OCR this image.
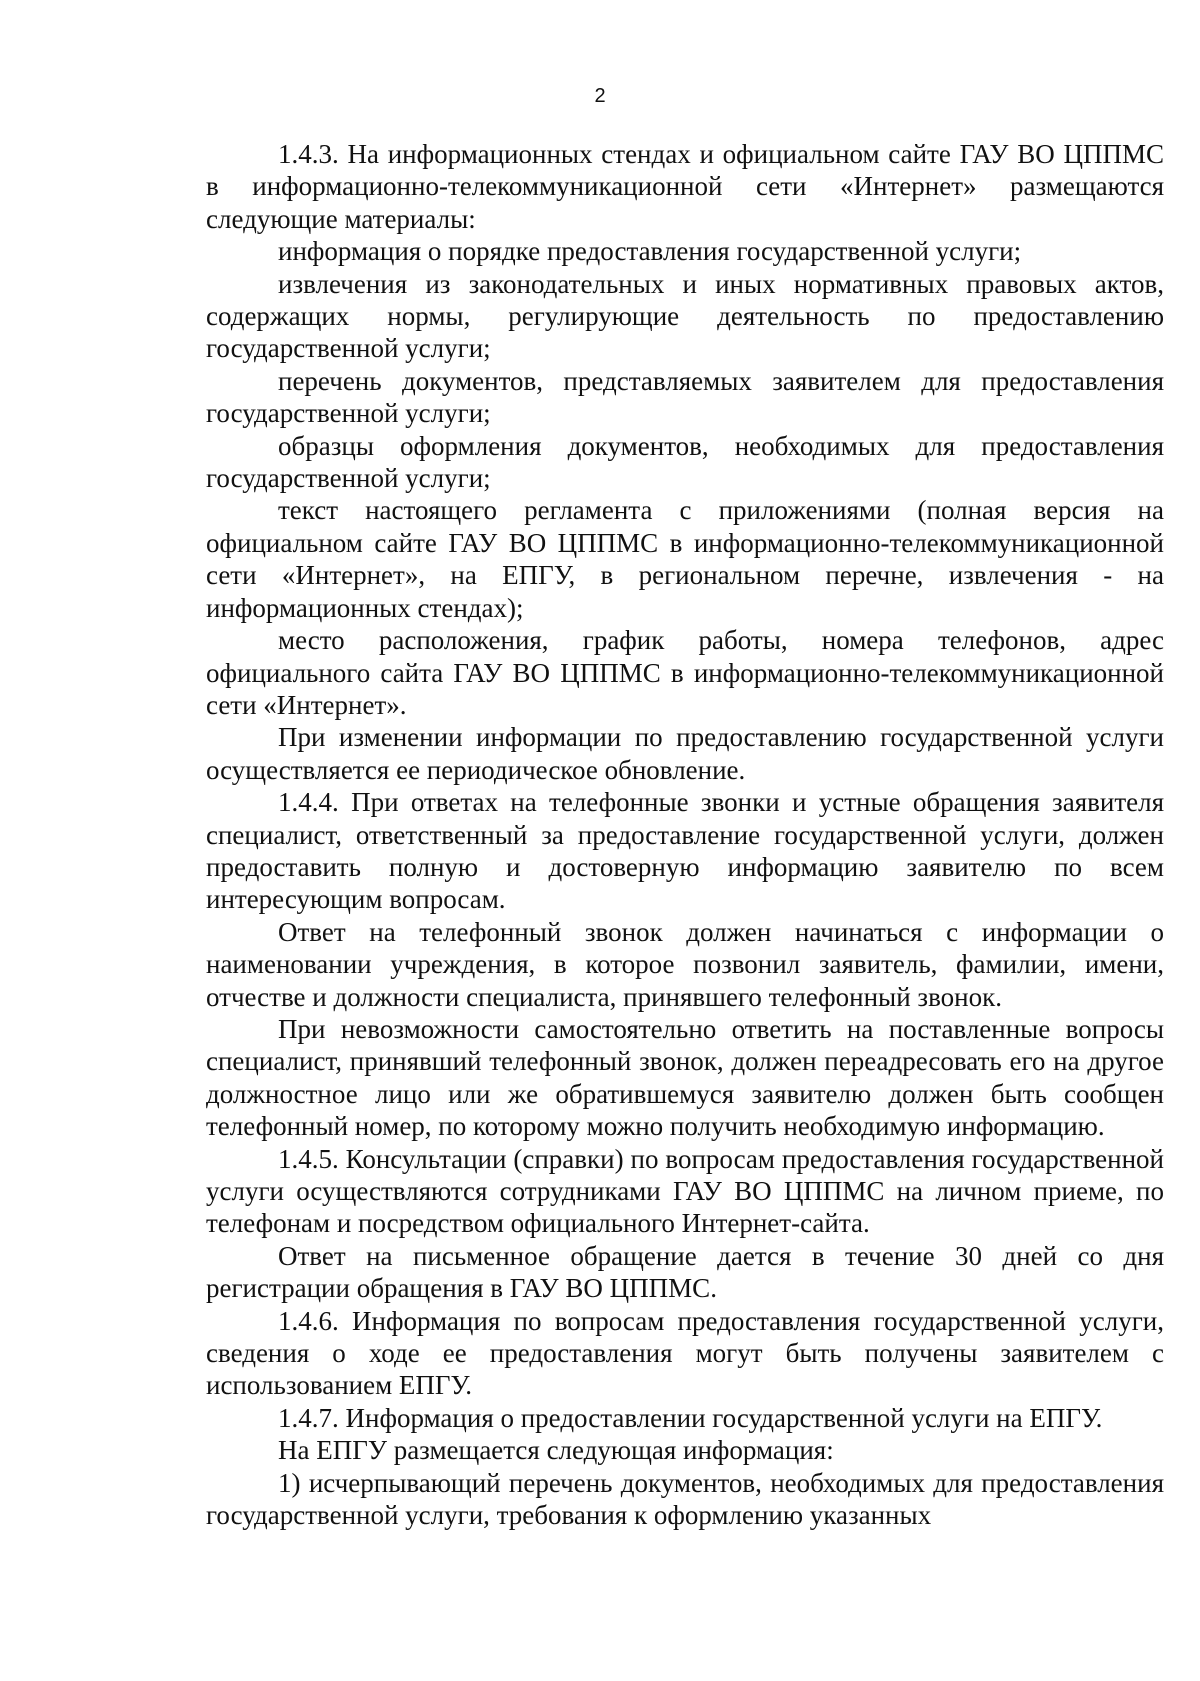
2

1.4.3. На информационных стендах и официальном сайте ГАУ ВО ЦППМС в информационно-телекоммуникационной сети «Интернет» размещаются следующие материалы:

информация о порядке предоставления государственной услуги;

извлечения из законодательных и иных нормативных правовых актов, содержащих нормы, регулирующие деятельность по предоставлению государственной услуги;

перечень документов, представляемых заявителем для предоставления государственной услуги;

образцы оформления документов, необходимых для предоставления государственной услуги;

текст настоящего регламента с приложениями (полная версия на официальном сайте ГАУ ВО ЦППМС в информационно-телекоммуникационной сети «Интернет», на ЕПГУ, в региональном перечне, извлечения - на информационных стендах);

место расположения, график работы, номера телефонов, адрес официального сайта ГАУ ВО ЦППМС в информационно-телекоммуникационной сети «Интернет».

При изменении информации по предоставлению государственной услуги осуществляется ее периодическое обновление.

1.4.4. При ответах на телефонные звонки и устные обращения заявителя специалист, ответственный за предоставление государственной услуги, должен предоставить полную и достоверную информацию заявителю по всем интересующим вопросам.

Ответ на телефонный звонок должен начинаться с информации о наименовании учреждения, в которое позвонил заявитель, фамилии, имени, отчестве и должности специалиста, принявшего телефонный звонок.

При невозможности самостоятельно ответить на поставленные вопросы специалист, принявший телефонный звонок, должен переадресовать его на другое должностное лицо или же обратившемуся заявителю должен быть сообщен телефонный номер, по которому можно получить необходимую информацию.

1.4.5. Консультации (справки) по вопросам предоставления государственной услуги осуществляются сотрудниками ГАУ ВО ЦППМС на личном приеме, по телефонам и посредством официального Интернет-сайта.

Ответ на письменное обращение дается в течение 30 дней со дня регистрации обращения в ГАУ ВО ЦППМС.

1.4.6. Информация по вопросам предоставления государственной услуги, сведения о ходе ее предоставления могут быть получены заявителем с использованием ЕПГУ.

1.4.7. Информация о предоставлении государственной услуги на ЕПГУ.

На ЕПГУ размещается следующая информация:

1) исчерпывающий перечень документов, необходимых для предоставления государственной услуги, требования к оформлению указанных
